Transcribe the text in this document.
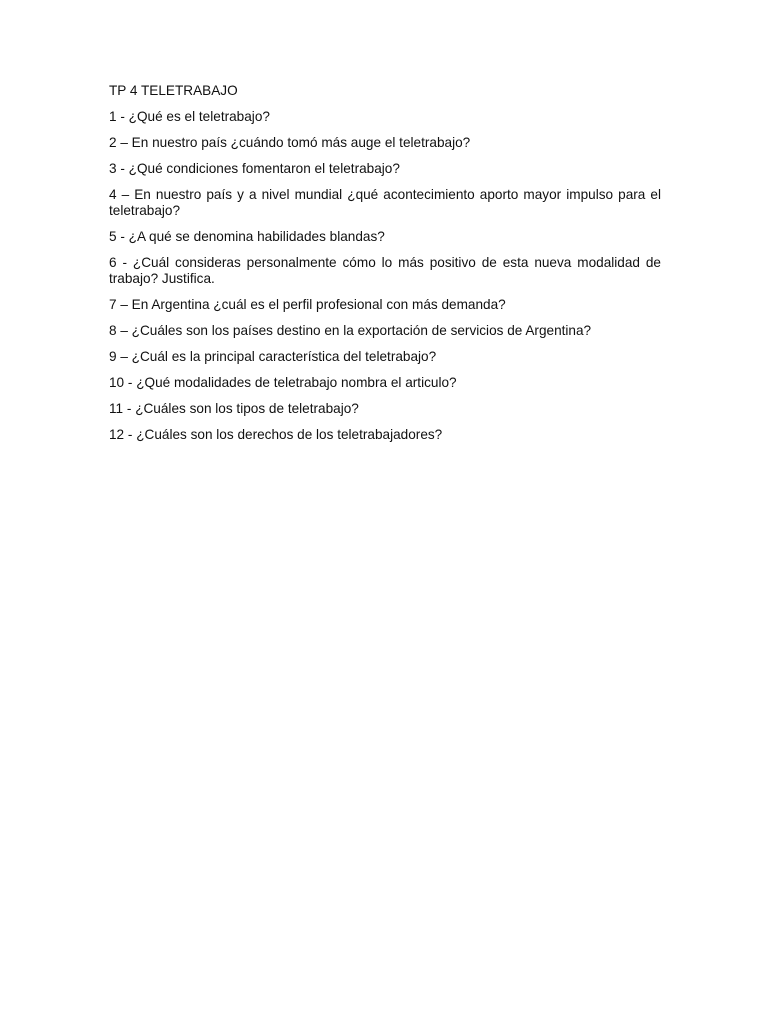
TP 4 TELETRABAJO
1 - ¿Qué es el teletrabajo?
2 – En nuestro país ¿cuándo tomó más auge el teletrabajo?
3 - ¿Qué condiciones fomentaron el teletrabajo?
4 – En nuestro país y a nivel mundial ¿qué acontecimiento aporto mayor impulso para el teletrabajo?
5 - ¿A qué se denomina habilidades blandas?
6 - ¿Cuál consideras personalmente cómo lo más positivo de esta nueva modalidad de trabajo? Justifica.
7 – En Argentina ¿cuál es el perfil profesional con más demanda?
8 – ¿Cuáles son los países destino en la exportación de servicios de Argentina?
9 – ¿Cuál es la principal característica del teletrabajo?
10 - ¿Qué modalidades de teletrabajo nombra el articulo?
11 - ¿Cuáles son los tipos de teletrabajo?
12 - ¿Cuáles son los derechos de los teletrabajadores?
